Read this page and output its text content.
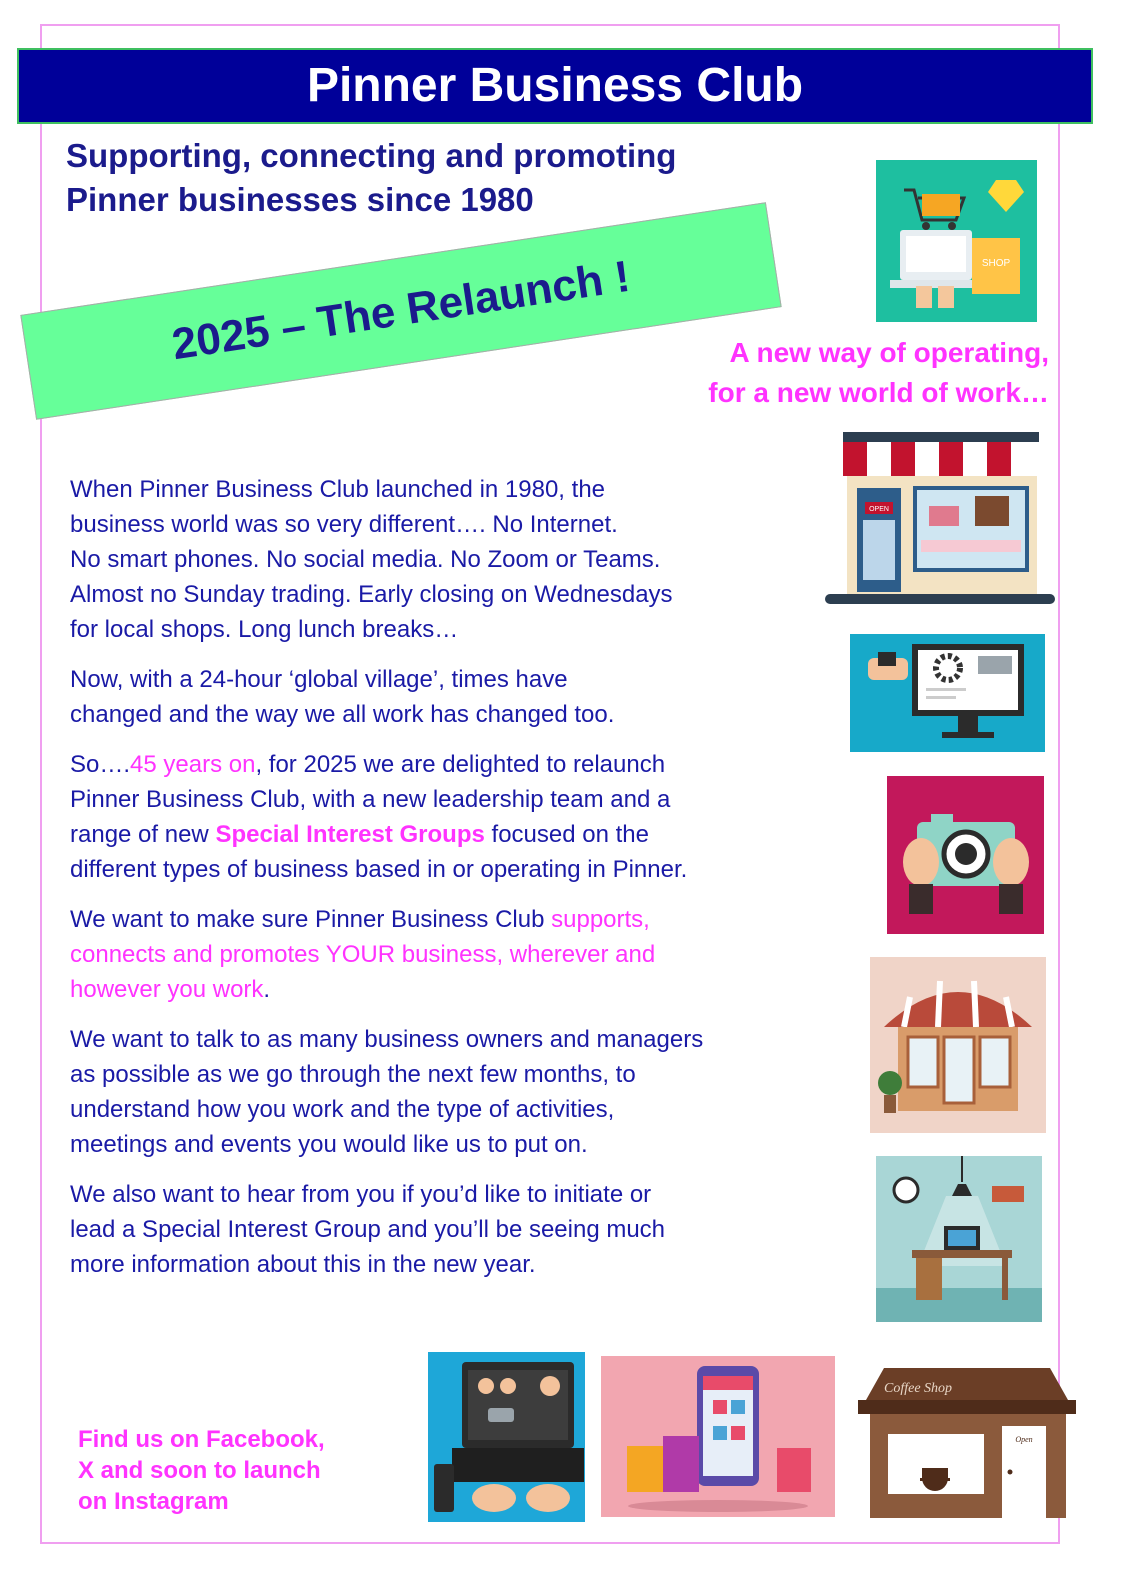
Pinner Business Club
Supporting, connecting and promoting
Pinner businesses since 1980
2025 – The Relaunch !	A new way of operating,
for a new world of work…

When Pinner Business Club launched in 1980, the
business world was so very different…. No Internet.
No smart phones. No social media. No Zoom or Teams.
Almost no Sunday trading. Early closing on Wednesdays
for local shops. Long lunch breaks…

Now, with a 24-hour ‘global village’, times have
changed and the way we all work has changed too.

So….45 years on, for 2025 we are delighted to relaunch
Pinner Business Club, with a new leadership team and a
range of new Special Interest Groups focused on the
different types of business based in or operating in Pinner.

We want to make sure Pinner Business Club supports,
connects and promotes YOUR business, wherever and
however you work.

We want to talk to as many business owners and managers
as possible as we go through the next few months, to
understand how you work and the type of activities,
meetings and events you would like us to put on.

We also want to hear from you if you’d like to initiate or
lead a Special Interest Group and you’ll be seeing much
more information about this in the new year.

Find us on Facebook,
X and soon to launch
on Instagram
SHOP
OPEN
Coffee Shop
Open
